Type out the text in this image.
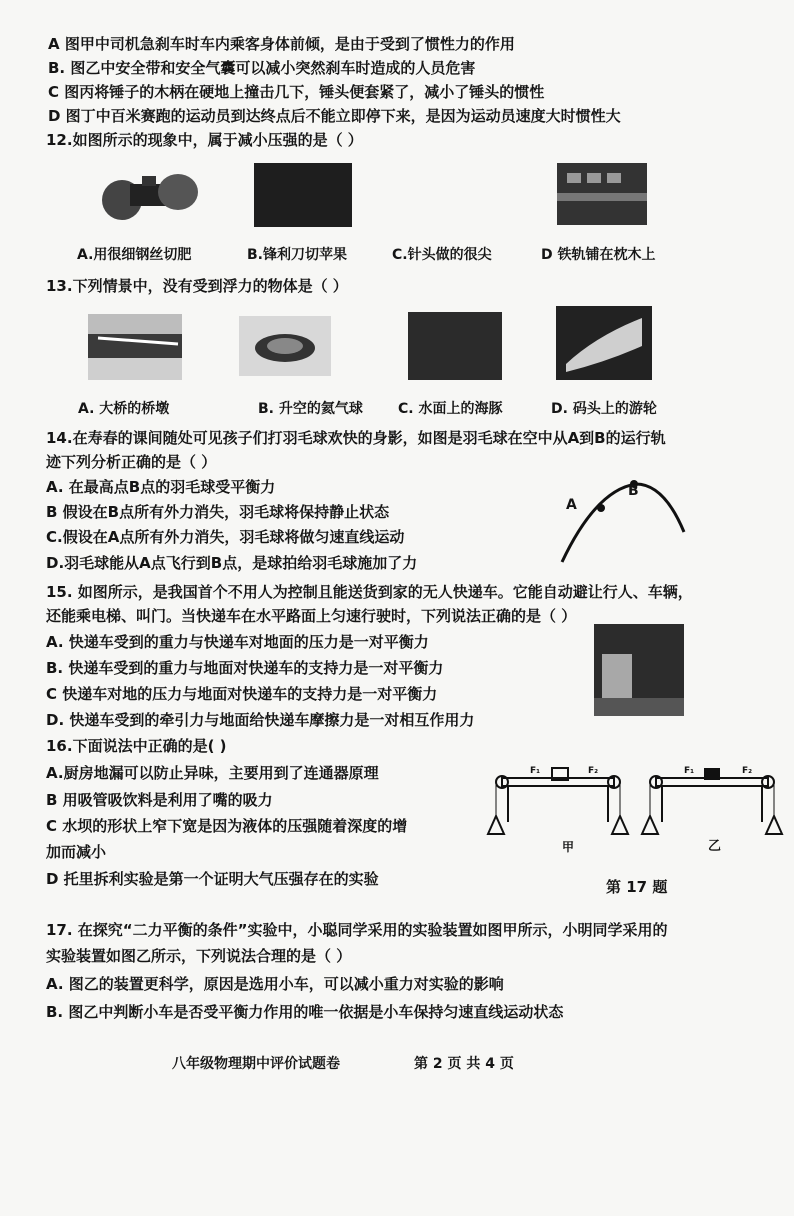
A 图甲中司机急刹车时车内乘客身体前倾，是由于受到了惯性力的作用
B. 图乙中安全带和安全气囊可以减小突然刹车时造成的人员危害
C 图丙将锤子的木柄在硬地上撞击几下，锤头便套紧了，减小了锤头的惯性
D 图丁中百米赛跑的运动员到达终点后不能立即停下来，是因为运动员速度大时惯性大
12.如图所示的现象中，属于减小压强的是（ ）
A.用很细钢丝切肥	B.锋利刀切苹果	C.针头做的很尖	D 铁轨铺在枕木上
13.下列情景中，没有受到浮力的物体是（ ）
A. 大桥的桥墩	B. 升空的氦气球	C. 水面上的海豚	D. 码头上的游轮
14.在寿春的课间随处可见孩子们打羽毛球欢快的身影，如图是羽毛球在空中从A到B的运行轨
迹下列分析正确的是（ ）
A. 在最高点B点的羽毛球受平衡力
B 假设在B点所有外力消失，羽毛球将保持静止状态
C.假设在A点所有外力消失，羽毛球将做匀速直线运动
D.羽毛球能从A点飞行到B点，是球拍给羽毛球施加了力
A
B
15. 如图所示，是我国首个不用人为控制且能送货到家的无人快递车。它能自动避让行人、车辆，
还能乘电梯、叫门。当快递车在水平路面上匀速行驶时，下列说法正确的是（ ）
A. 快递车受到的重力与快递车对地面的压力是一对平衡力
B. 快递车受到的重力与地面对快递车的支持力是一对平衡力
C 快递车对地的压力与地面对快递车的支持力是一对平衡力
D. 快递车受到的牵引力与地面给快递车摩擦力是一对相互作用力
16.下面说法中正确的是( )
A.厨房地漏可以防止异味，主要用到了连通器原理
B 用吸管吸饮料是利用了嘴的吸力
C 水坝的形状上窄下宽是因为液体的压强随着深度的增
加而减小
D 托里拆利实验是第一个证明大气压强存在的实验
F₁	F₂	F₁	F₂
甲	乙
第 17 题
17. 在探究“二力平衡的条件”实验中，小聪同学采用的实验装置如图甲所示，小明同学采用的
实验装置如图乙所示，下列说法合理的是（ ）
A. 图乙的装置更科学，原因是选用小车，可以减小重力对实验的影响
B. 图乙中判断小车是否受平衡力作用的唯一依据是小车保持匀速直线运动状态
八年级物理期中评价试题卷	第 2 页 共 4 页
